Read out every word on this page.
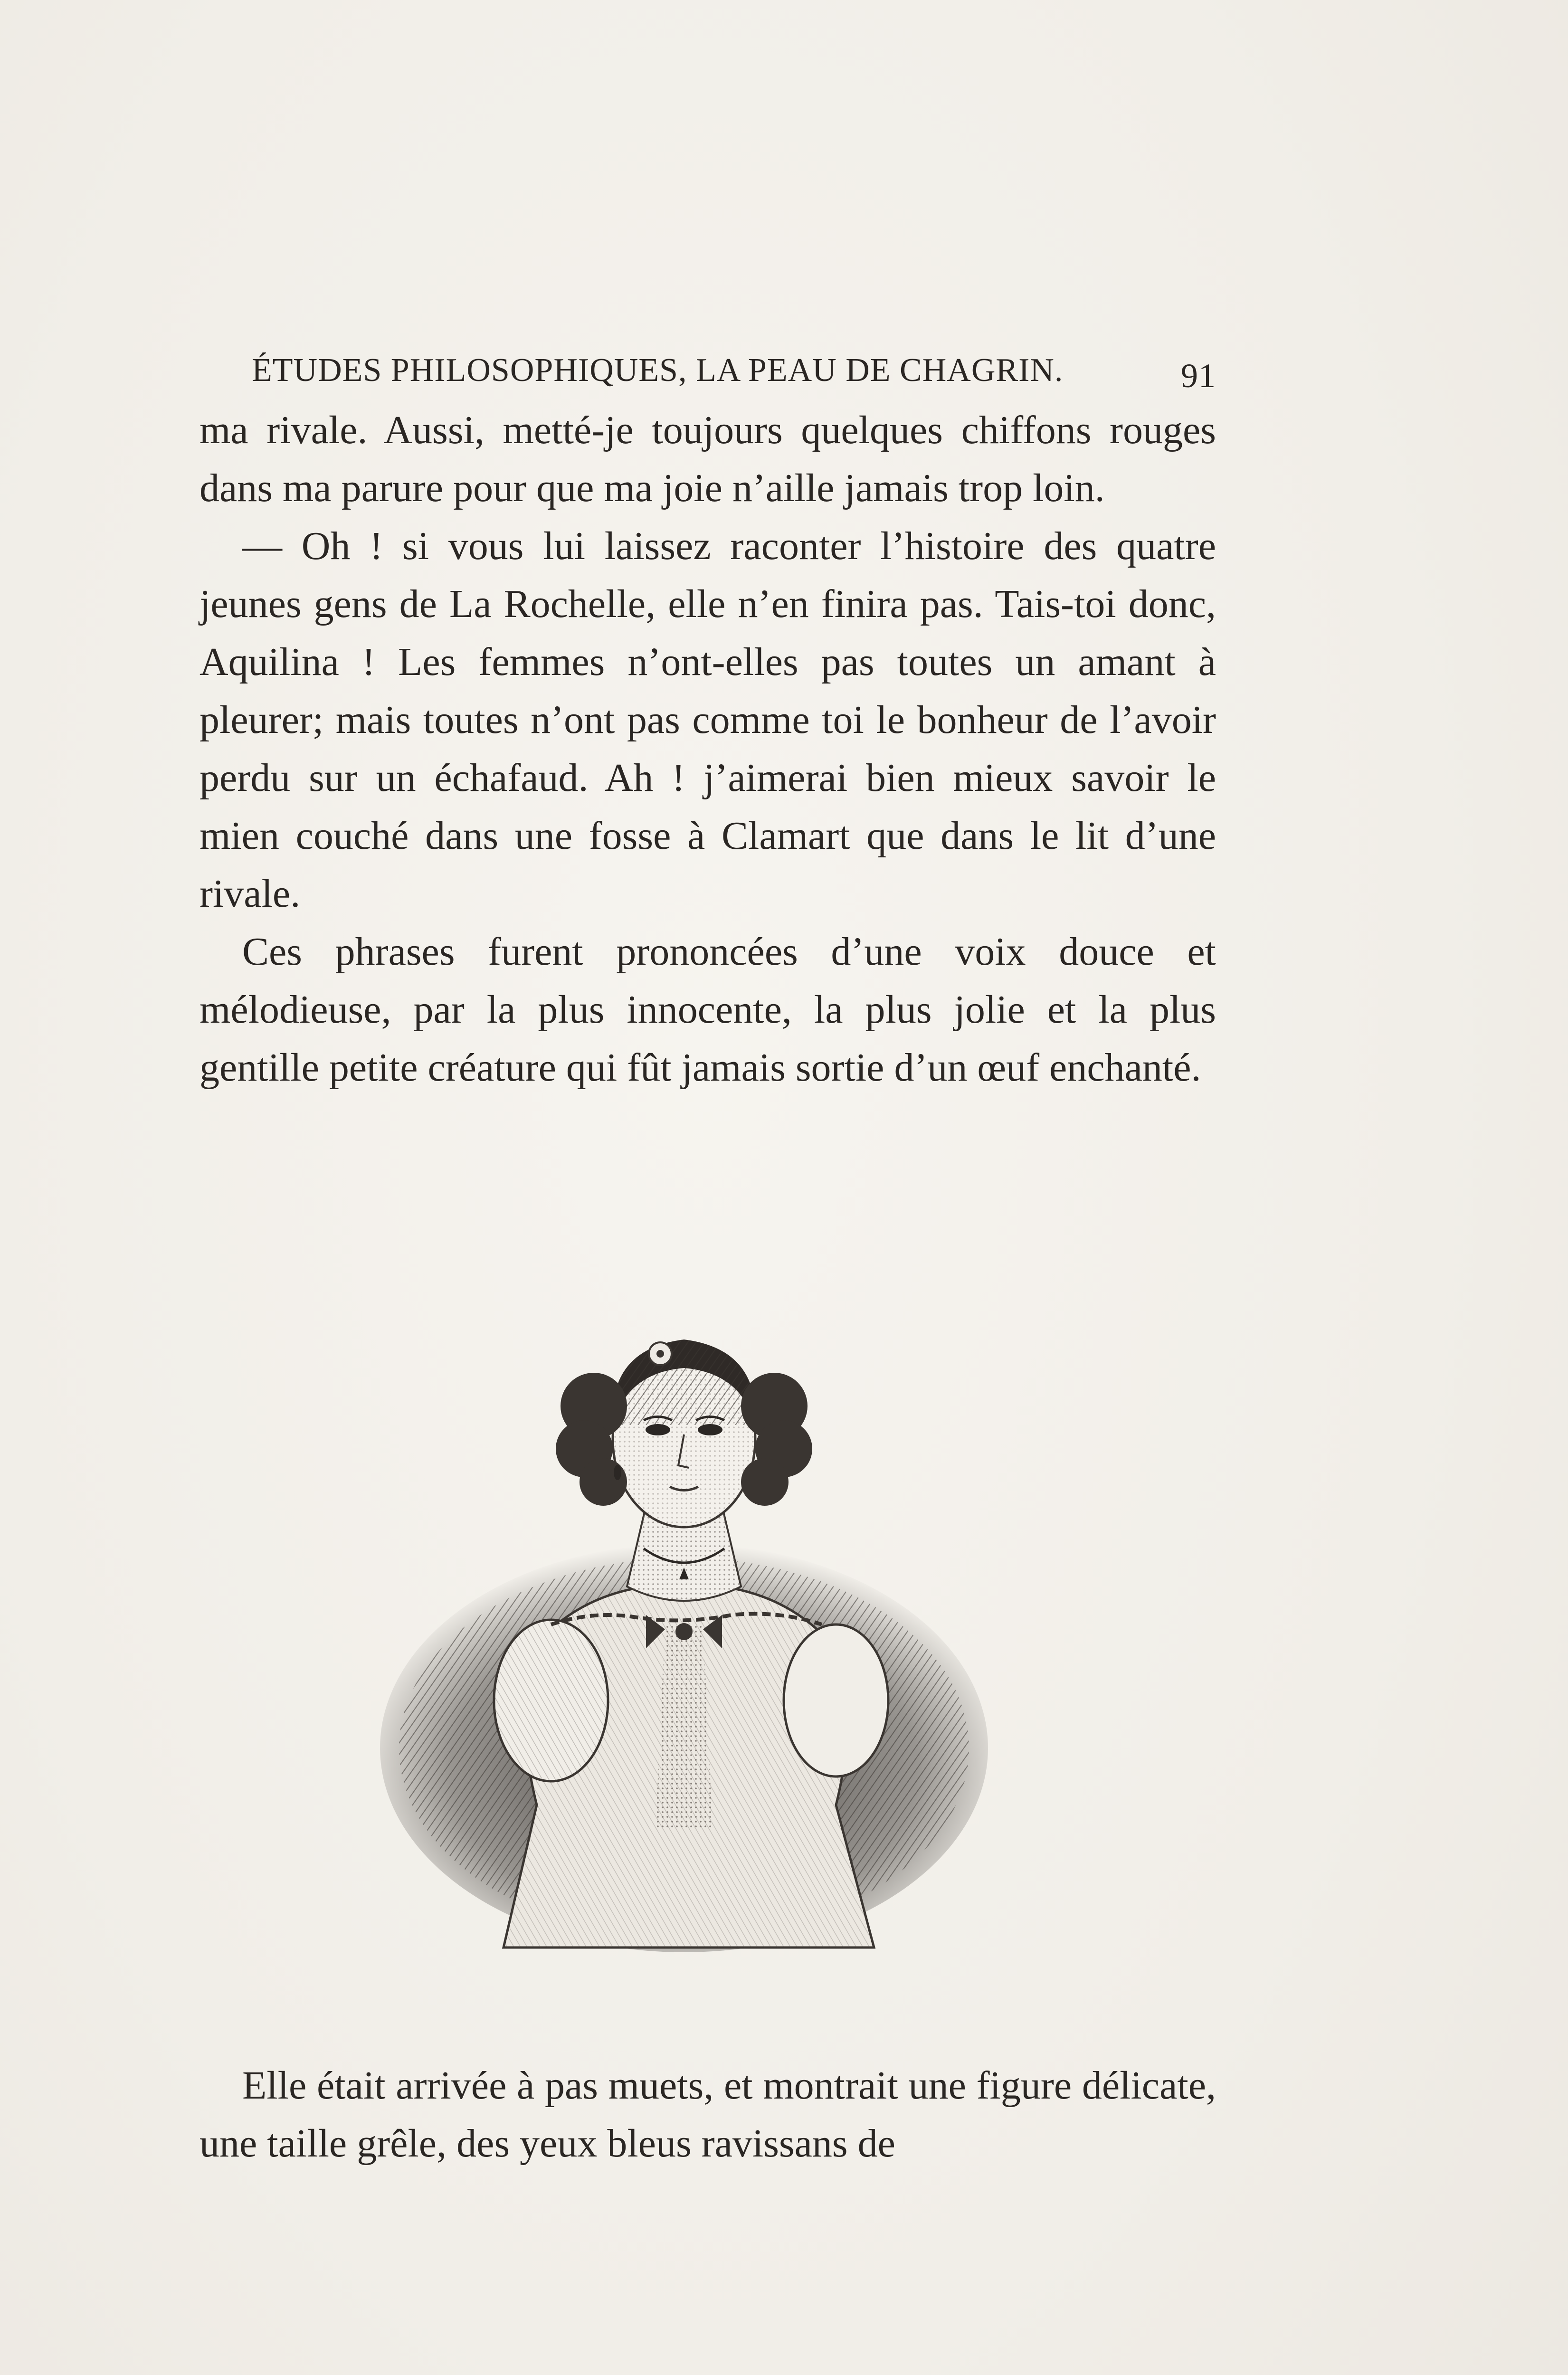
ÉTUDES PHILOSOPHIQUES, LA PEAU DE CHAGRIN.	91

ma rivale. Aussi, metté-je toujours quelques chiffons rouges dans ma parure pour que ma joie n’aille jamais trop loin.

— Oh ! si vous lui laissez raconter l’histoire des quatre jeunes gens de La Rochelle, elle n’en finira pas. Tais-toi donc, Aquilina ! Les femmes n’ont-elles pas toutes un amant à pleurer; mais toutes n’ont pas comme toi le bonheur de l’avoir perdu sur un échafaud. Ah ! j’aimerai bien mieux savoir le mien couché dans une fosse à Clamart que dans le lit d’une rivale.

Ces phrases furent prononcées d’une voix douce et mélodieuse, par la plus innocente, la plus jolie et la plus gentille petite créature qui fût jamais sortie d’un œuf enchanté.

Elle était arrivée à pas muets, et montrait une figure délicate, une taille grêle, des yeux bleus ravissans de
